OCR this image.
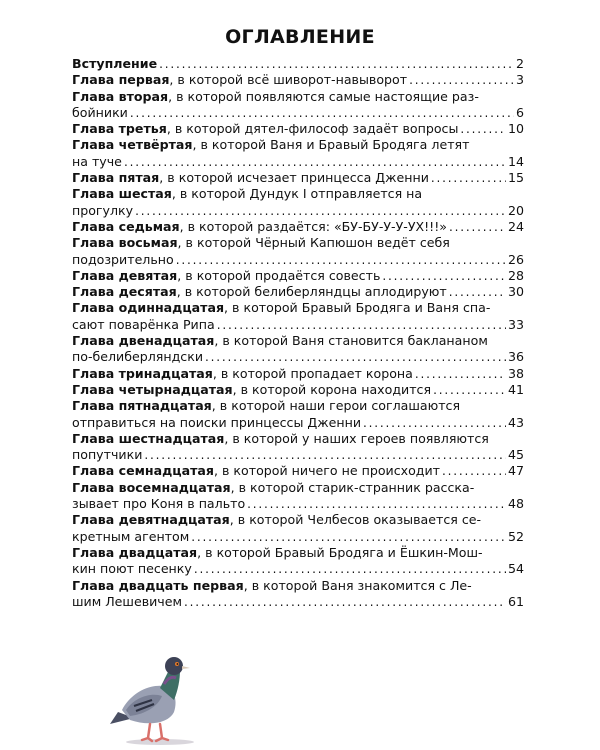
ОГЛАВЛЕНИЕ
Вступление . . .	2
Глава первая , в которой всё шиворот-навыворот . . .	3
Глава вторая , в которой появляются самые настоящие раз-
бойники . . .	6
Глава третья , в которой дятел-философ задаёт вопросы . . .	10
Глава четвёртая , в которой Ваня и Бравый Бродяга летят
на туче . . .	14
Глава пятая , в которой исчезает принцесса Дженни . . .	15
Глава шестая , в которой Дундук I отправляется на
прогулку . . .	20
Глава седьмая , в которой раздаётся: «БУ-БУ-У-У-УХ!!!» . . .	24
Глава восьмая , в которой Чёрный Капюшон ведёт себя
подозрительно . . .	26
Глава девятая , в которой продаётся совесть . . .	28
Глава десятая , в которой белиберляндцы аплодируют . . .	30
Глава одиннадцатая , в которой Бравый Бродяга и Ваня спа-
сают поварёнка Рипа . . .	33
Глава двенадцатая , в которой Ваня становится баклананом
по-белиберляндски . . .	36
Глава тринадцатая , в которой пропадает корона . . .	38
Глава четырнадцатая , в которой корона находится . . .	41
Глава пятнадцатая , в которой наши герои соглашаются
отправиться на поиски принцессы Дженни . . .	43
Глава шестнадцатая , в которой у наших героев появляются
попутчики . . .	45
Глава семнадцатая , в которой ничего не происходит . . .	47
Глава восемнадцатая , в которой старик-странник расска-
зывает про Коня в пальто . . .	48
Глава девятнадцатая , в которой Челбесов оказывается се-
кретным агентом . . .	52
Глава двадцатая , в которой Бравый Бродяга и Ёшкин-Мош-
кин поют песенку . . .	54
Глава двадцать первая , в которой Ваня знакомится с Ле-
шим Лешевичем . . .	61
